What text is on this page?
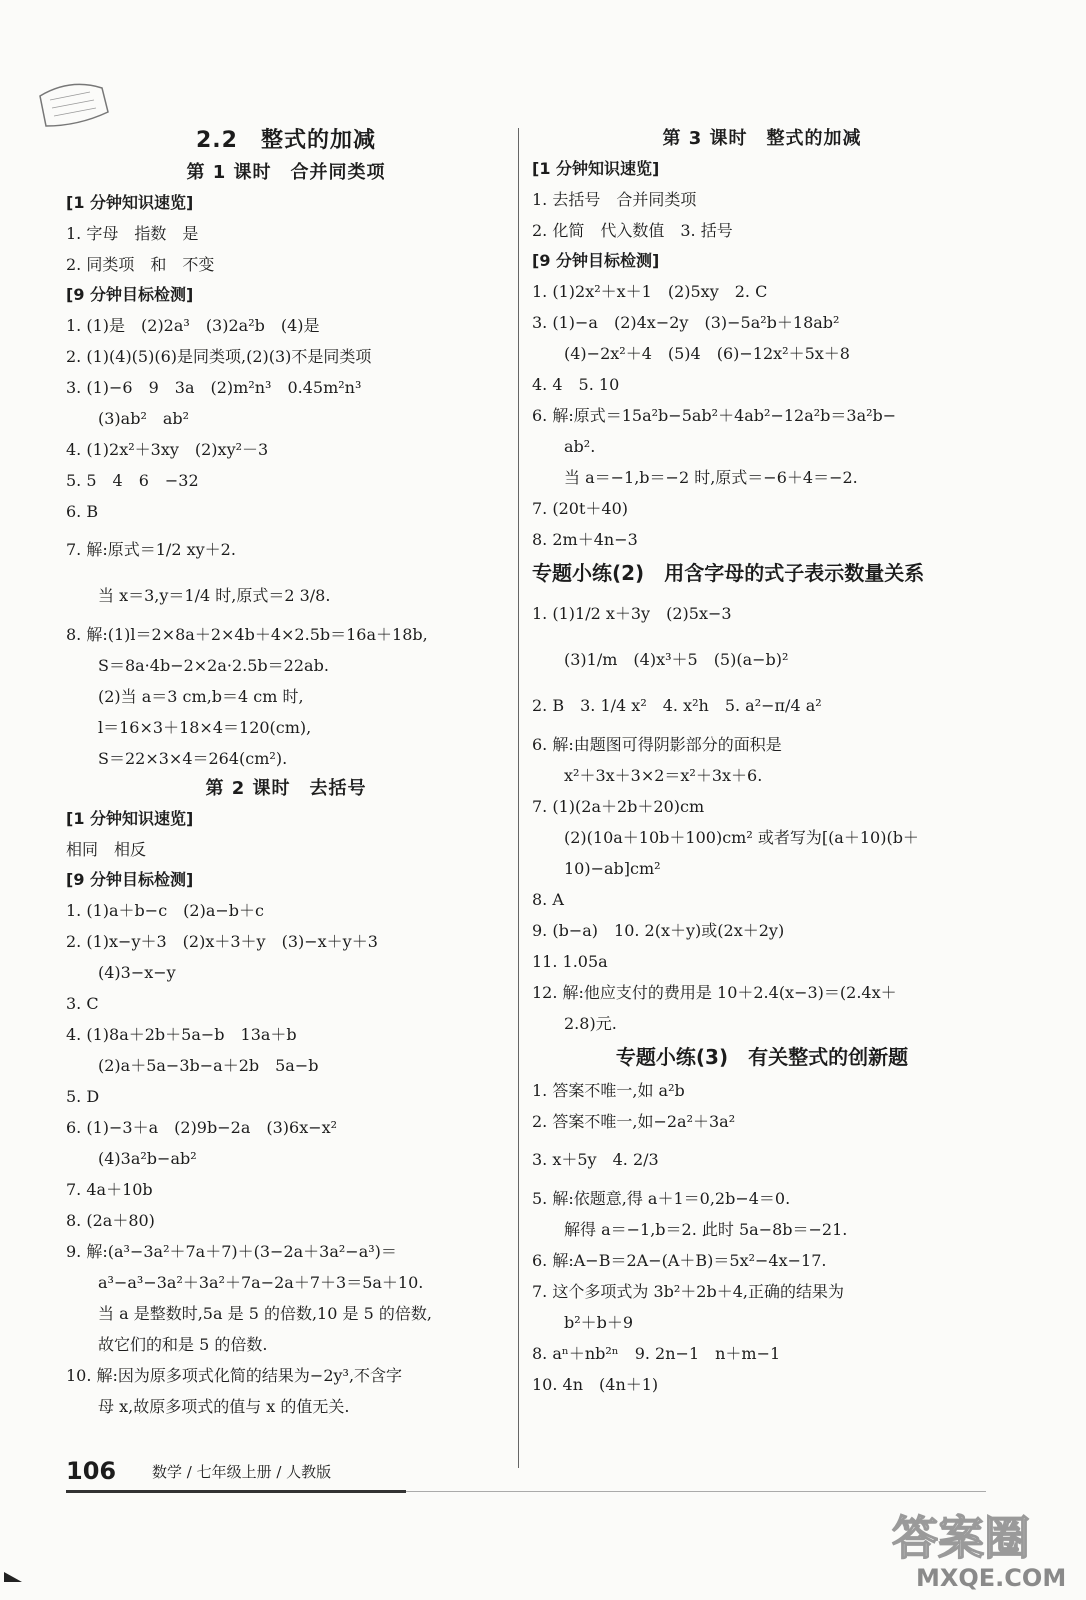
2.2　整式的加减
第 1 课时　合并同类项
[1 分钟知识速览]
1. 字母　指数　是
2. 同类项　和　不变
[9 分钟目标检测]
1. (1)是　(2)2a³　(3)2a²b　(4)是
2. (1)(4)(5)(6)是同类项,(2)(3)不是同类项
3. (1)−6　9　3a　(2)m²n³　0.45m²n³
(3)ab²　ab²
4. (1)2x²＋3xy　(2)xy²－3
5. 5　4　6　−32
6. B
7. 解:原式＝1/2 xy＋2.
当 x＝3,y＝1/4 时,原式＝2 3/8.
8. 解:(1)l＝2×8a＋2×4b＋4×2.5b＝16a＋18b,
S＝8a·4b−2×2a·2.5b＝22ab.
(2)当 a＝3 cm,b＝4 cm 时,
l＝16×3＋18×4＝120(cm),
S＝22×3×4＝264(cm²).
第 2 课时　去括号
[1 分钟知识速览]
相同　相反
[9 分钟目标检测]
1. (1)a＋b−c　(2)a−b＋c
2. (1)x−y＋3　(2)x＋3＋y　(3)−x＋y＋3
(4)3−x−y
3. C
4. (1)8a＋2b＋5a−b　13a＋b
(2)a＋5a−3b−a＋2b　5a−b
5. D
6. (1)−3＋a　(2)9b−2a　(3)6x−x²
(4)3a²b−ab²
7. 4a＋10b
8. (2a＋80)
9. 解:(a³−3a²＋7a＋7)＋(3−2a＋3a²−a³)＝
a³−a³−3a²＋3a²＋7a−2a＋7＋3＝5a＋10.
当 a 是整数时,5a 是 5 的倍数,10 是 5 的倍数,
故它们的和是 5 的倍数.
10. 解:因为原多项式化简的结果为−2y³,不含字
母 x,故原多项式的值与 x 的值无关.
第 3 课时　整式的加减
[1 分钟知识速览]
1. 去括号　合并同类项
2. 化简　代入数值　3. 括号
[9 分钟目标检测]
1. (1)2x²＋x＋1　(2)5xy　2. C
3. (1)−a　(2)4x−2y　(3)−5a²b＋18ab²
(4)−2x²＋4　(5)4　(6)−12x²＋5x＋8
4. 4　5. 10
6. 解:原式＝15a²b−5ab²＋4ab²−12a²b＝3a²b−
ab².
当 a＝−1,b＝−2 时,原式＝−6＋4＝−2.
7. (20t＋40)
8. 2m＋4n−3
专题小练(2)　用含字母的式子表示数量关系
1. (1)1/2 x＋3y　(2)5x−3
(3)1/m　(4)x³＋5　(5)(a−b)²
2. B　3. 1/4 x²　4. x²h　5. a²−π/4 a²
6. 解:由题图可得阴影部分的面积是
x²＋3x＋3×2＝x²＋3x＋6.
7. (1)(2a＋2b＋20)cm
(2)(10a＋10b＋100)cm² 或者写为[(a＋10)(b＋
10)−ab]cm²
8. A
9. (b−a)　10. 2(x＋y)或(2x＋2y)
11. 1.05a
12. 解:他应支付的费用是 10＋2.4(x−3)＝(2.4x＋
2.8)元.
专题小练(3)　有关整式的创新题
1. 答案不唯一,如 a²b
2. 答案不唯一,如−2a²＋3a²
3. x＋5y　4. 2/3
5. 解:依题意,得 a＋1＝0,2b−4＝0.
解得 a＝−1,b＝2. 此时 5a−8b＝−21.
6. 解:A−B＝2A−(A＋B)＝5x²−4x−17.
7. 这个多项式为 3b²＋2b＋4,正确的结果为
b²＋b＋9
8. aⁿ＋nb²ⁿ　9. 2n−1　n＋m−1
10. 4n　(4n＋1)
106 数学 / 七年级上册 / 人教版
答案圈
MXQE.COM
